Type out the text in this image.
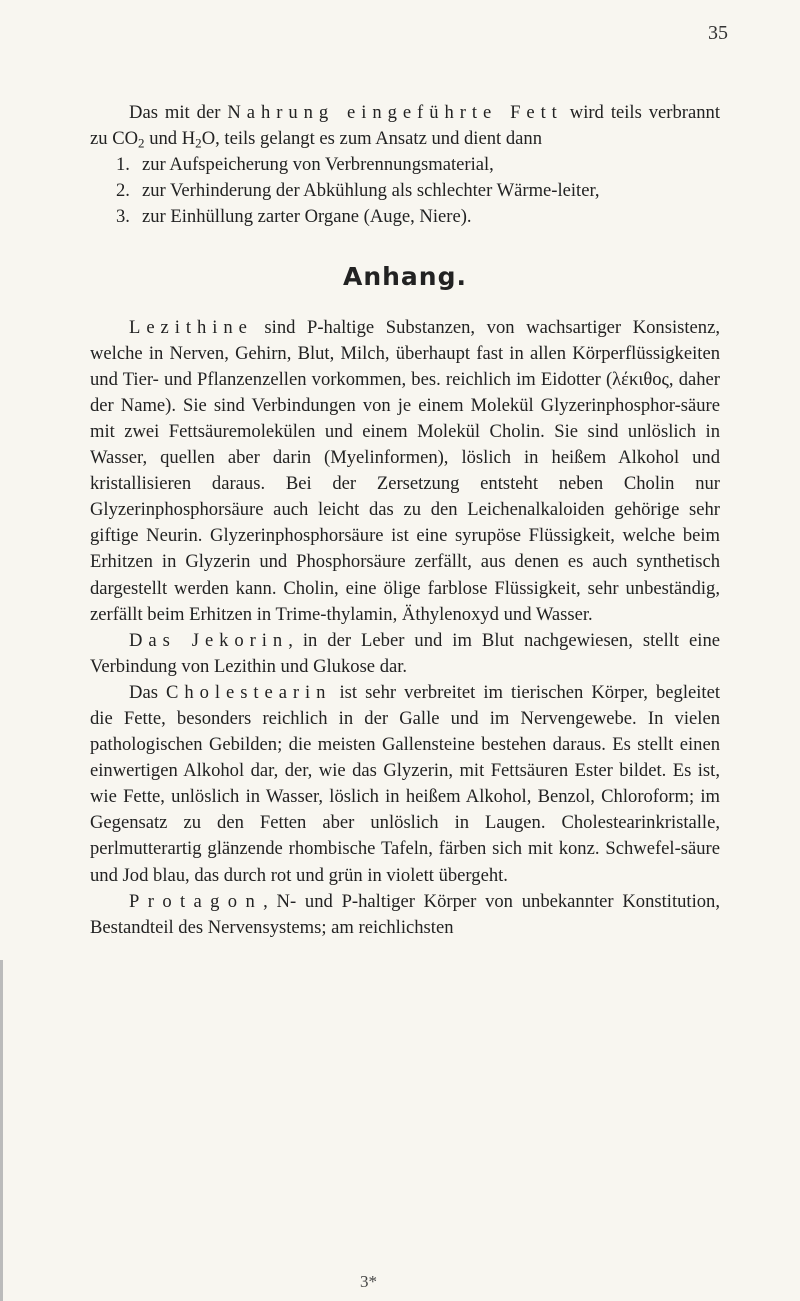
35

Das mit der Nahrung eingeführte Fett wird teils verbrannt zu $CO_2$ und $H_2O$, teils gelangt es zum Ansatz und dient dann

1. zur Aufspeicherung von Verbrennungsmaterial,
2. zur Verhinderung der Abkühlung als schlechter Wärme-leiter,
3. zur Einhüllung zarter Organe (Auge, Niere).
Anhang.

Lezithine sind P-haltige Substanzen, von wachsartiger Konsistenz, welche in Nerven, Gehirn, Blut, Milch, überhaupt fast in allen Körperflüssigkeiten und Tier- und Pflanzenzellen vorkommen, bes. reichlich im Eidotter (λέκιθος, daher der Name). Sie sind Verbindungen von je einem Molekül Glyzerinphosphor-säure mit zwei Fettsäuremolekülen und einem Molekül Cholin. Sie sind unlöslich in Wasser, quellen aber darin (Myelinformen), löslich in heißem Alkohol und kristallisieren daraus. Bei der Zersetzung entsteht neben Cholin nur Glyzerinphosphorsäure auch leicht das zu den Leichenalkaloiden gehörige sehr giftige Neurin. Glyzerinphosphorsäure ist eine syrupöse Flüssigkeit, welche beim Erhitzen in Glyzerin und Phosphorsäure zerfällt, aus denen es auch synthetisch dargestellt werden kann. Cholin, eine ölige farblose Flüssigkeit, sehr unbeständig, zerfällt beim Erhitzen in Trime-thylamin, Äthylenoxyd und Wasser.

Das Jekorin, in der Leber und im Blut nachgewiesen, stellt eine Verbindung von Lezithin und Glukose dar.

Das Cholestearin ist sehr verbreitet im tierischen Körper, begleitet die Fette, besonders reichlich in der Galle und im Nervengewebe. In vielen pathologischen Gebilden; die meisten Gallensteine bestehen daraus. Es stellt einen einwertigen Alkohol dar, der, wie das Glyzerin, mit Fettsäuren Ester bildet. Es ist, wie Fette, unlöslich in Wasser, löslich in heißem Alkohol, Benzol, Chloroform; im Gegensatz zu den Fetten aber unlöslich in Laugen. Cholestearinkristalle, perlmutterartig glänzende rhombische Tafeln, färben sich mit konz. Schwefel-säure und Jod blau, das durch rot und grün in violett übergeht.

Protagon, N- und P-haltiger Körper von unbekannter Konstitution, Bestandteil des Nervensystems; am reichlichsten

3*
